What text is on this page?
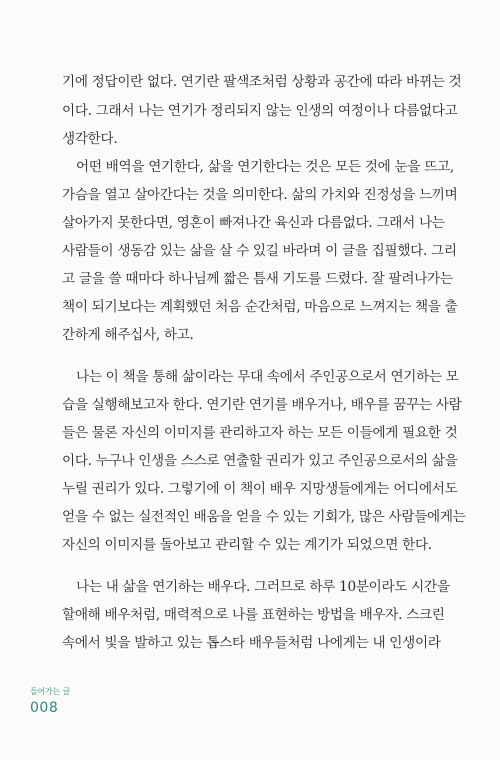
기에 정답이란 없다. 연기란 팔색조처럼 상황과 공간에 따라 바뀌는 것
이다. 그래서 나는 연기가 정리되지 않는 인생의 여정이나 다름없다고
생각한다.
어떤 배역을 연기한다, 삶을 연기한다는 것은 모든 것에 눈을 뜨고,
가슴을 열고 살아간다는 것을 의미한다. 삶의 가치와 진정성을 느끼며
살아가지 못한다면, 영혼이 빠져나간 육신과 다름없다. 그래서 나는
사람들이 생동감 있는 삶을 살 수 있길 바라며 이 글을 집필했다. 그리
고 글을 쓸 때마다 하나님께 짧은 틈새 기도를 드렸다. 잘 팔려나가는
책이 되기보다는 계획했던 처음 순간처럼, 마음으로 느껴지는 책을 출
간하게 해주십사, 하고.
나는 이 책을 통해 삶이라는 무대 속에서 주인공으로서 연기하는 모
습을 실행해보고자 한다. 연기란 연기를 배우거나, 배우를 꿈꾸는 사람
들은 물론 자신의 이미지를 관리하고자 하는 모든 이들에게 필요한 것
이다. 누구나 인생을 스스로 연출할 권리가 있고 주인공으로서의 삶을
누릴 권리가 있다. 그렇기에 이 책이 배우 지망생들에게는 어디에서도
얻을 수 없는 실전적인 배움을 얻을 수 있는 기회가, 많은 사람들에게는
자신의 이미지를 돌아보고 관리할 수 있는 계기가 되었으면 한다.
나는 내 삶을 연기하는 배우다. 그러므로 하루 10분이라도 시간을
할애해 배우처럼, 매력적으로 나를 표현하는 방법을 배우자. 스크린
속에서 빛을 발하고 있는 톱스타 배우들처럼 나에게는 내 인생이라
들어가는 글
008
